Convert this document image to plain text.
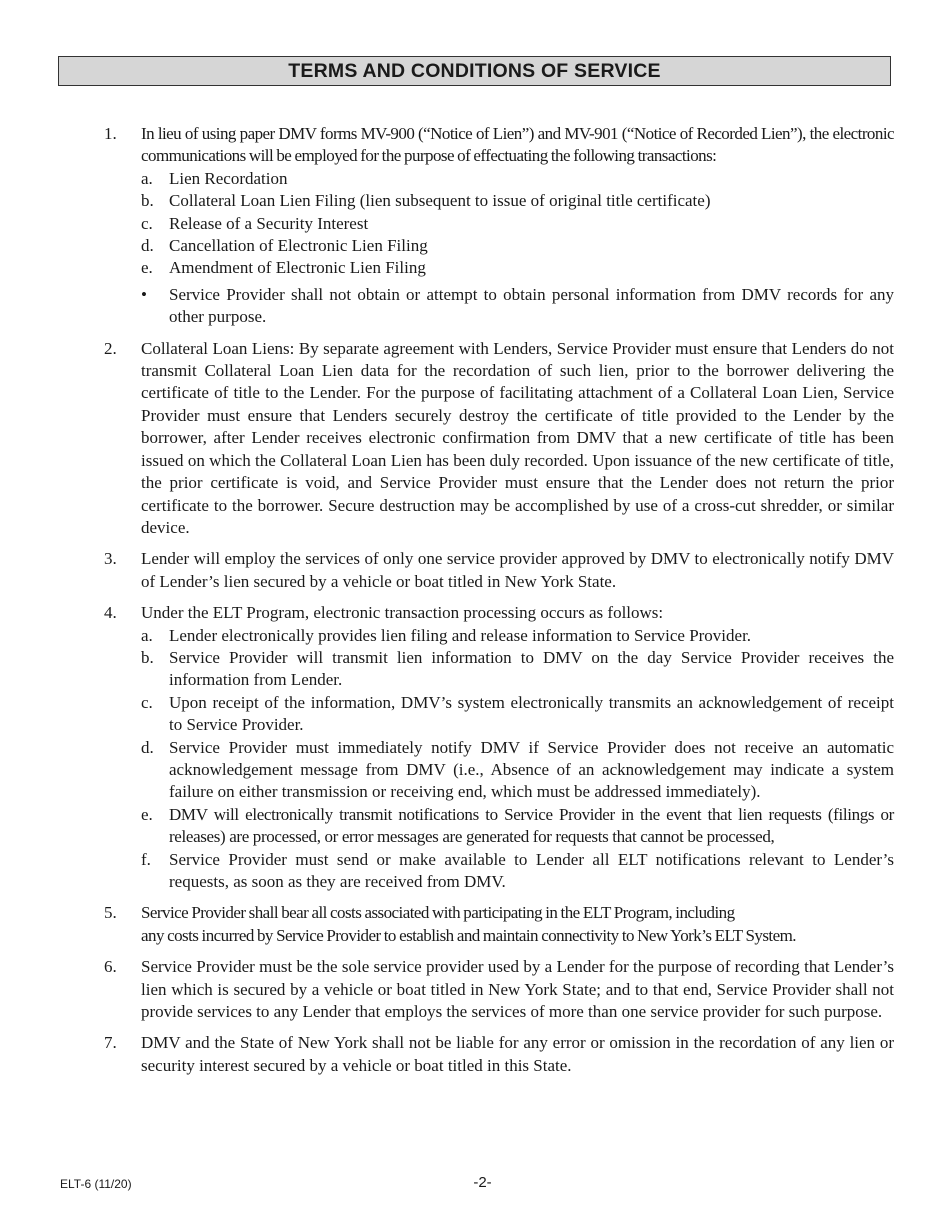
TERMS AND CONDITIONS OF SERVICE
1.	In lieu of using paper DMV forms MV-900 (“Notice of Lien”) and MV-901 (“Notice of Recorded Lien”), the electronic communications will be employed for the purpose of effectuating the following transactions:
a. Lien Recordation
b. Collateral Loan Lien Filing (lien subsequent to issue of original title certificate)
c. Release of a Security Interest
d. Cancellation of Electronic Lien Filing
e. Amendment of Electronic Lien Filing
•	Service Provider shall not obtain or attempt to obtain personal information from DMV records for any other purpose.
2.	Collateral Loan Liens: By separate agreement with Lenders, Service Provider must ensure that Lenders do not transmit Collateral Loan Lien data for the recordation of such lien, prior to the borrower delivering the certificate of title to the Lender. For the purpose of facilitating attachment of a Collateral Loan Lien, Service Provider must ensure that Lenders securely destroy the certificate of title provided to the Lender by the borrower, after Lender receives electronic confirmation from DMV that a new certificate of title has been issued on which the Collateral Loan Lien has been duly recorded. Upon issuance of the new certificate of title, the prior certificate is void, and Service Provider must ensure that the Lender does not return the prior certificate to the borrower. Secure destruction may be accomplished by use of a cross-cut shredder, or similar device.
3.	Lender will employ the services of only one service provider approved by DMV to electronically notify DMV of Lender’s lien secured by a vehicle or boat titled in New York State.
4.	Under the ELT Program, electronic transaction processing occurs as follows:
a. Lender electronically provides lien filing and release information to Service Provider.
b. Service Provider will transmit lien information to DMV on the day Service Provider receives the information from Lender.
c. Upon receipt of the information, DMV’s system electronically transmits an acknowledgement of receipt to Service Provider.
d. Service Provider must immediately notify DMV if Service Provider does not receive an automatic acknowledgement message from DMV (i.e., Absence of an acknowledgement may indicate a system failure on either transmission or receiving end, which must be addressed immediately).
e. DMV will electronically transmit notifications to Service Provider in the event that lien requests (filings or releases) are processed, or error messages are generated for requests that cannot be processed,
f.	Service Provider must send or make available to Lender all ELT notifications relevant to Lender’s requests, as soon as they are received from DMV.
5.	Service Provider shall bear all costs associated with participating in the ELT Program, including
any costs incurred by Service Provider to establish and maintain connectivity to New York’s ELT System.
6.	Service Provider must be the sole service provider used by a Lender for the purpose of recording that Lender’s lien which is secured by a vehicle or boat titled in New York State; and to that end, Service Provider shall not provide services to any Lender that employs the services of more than one service provider for such purpose.
7.	DMV and the State of New York shall not be liable for any error or omission in the recordation of any lien or security interest secured by a vehicle or boat titled in this State.
ELT-6 (11/20)	-2-
